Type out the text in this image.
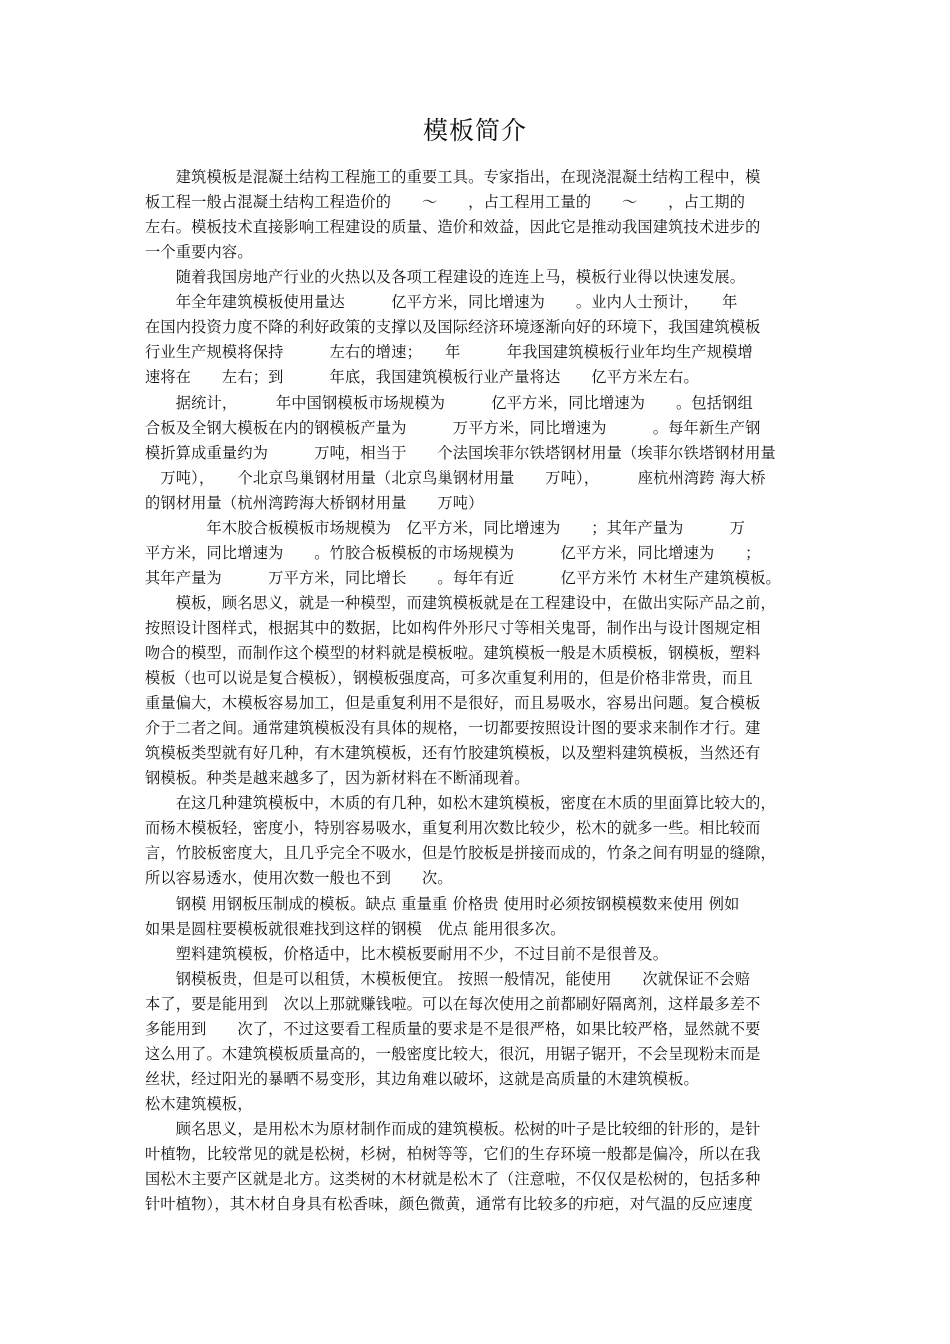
模板简介
　　建筑模板是混凝土结构工程施工的重要工具。专家指出，在现浇混凝土结构工程中，模
板工程一般占混凝土结构工程造价的　　～　　，占工程用工量的　　～　　，占工期的
左右。模板技术直接影响工程建设的质量、造价和效益，因此它是推动我国建筑技术进步的
一个重要内容。
　　随着我国房地产行业的火热以及各项工程建设的连连上马，模板行业得以快速发展。
　　年全年建筑模板使用量达　　　亿平方米，同比增速为　　。业内人士预计，　　年
在国内投资力度不降的利好政策的支撑以及国际经济环境逐渐向好的环境下，我国建筑模板
行业生产规模将保持　　　左右的增速；　　年　　　年我国建筑模板行业年均生产规模增
速将在　　左右；到　　　年底，我国建筑模板行业产量将达　　亿平方米左右。
　　据统计，　　　年中国钢模板市场规模为　　　亿平方米，同比增速为　　。包括钢组
合板及全钢大模板在内的钢模板产量为　　　万平方米，同比增速为　　　。每年新生产钢
模折算成重量约为　　　万吨，相当于　　个法国埃菲尔铁塔钢材用量（埃菲尔铁塔钢材用量
　万吨），　　个北京鸟巢钢材用量（北京鸟巢钢材用量　　万吨），　　　座杭州湾跨 海大桥
的钢材用量（杭州湾跨海大桥钢材用量　　万吨）
　　　　年木胶合板模板市场规模为　亿平方米，同比增速为　　；其年产量为　　　万
平方米，同比增速为　　。竹胶合板模板的市场规模为　　　亿平方米，同比增速为　　；
其年产量为　　　万平方米，同比增长　　。每年有近　　　亿平方米竹 木材生产建筑模板。
　　模板，顾名思义，就是一种模型，而建筑模板就是在工程建设中，在做出实际产品之前，
按照设计图样式，根据其中的数据，比如构件外形尺寸等相关鬼哥，制作出与设计图规定相
吻合的模型，而制作这个模型的材料就是模板啦。建筑模板一般是木质模板，钢模板，塑料
模板（也可以说是复合模板），钢模板强度高，可多次重复利用的，但是价格非常贵，而且
重量偏大，木模板容易加工，但是重复利用不是很好，而且易吸水，容易出问题。复合模板
介于二者之间。通常建筑模板没有具体的规格，一切都要按照设计图的要求来制作才行。建
筑模板类型就有好几种，有木建筑模板，还有竹胶建筑模板，以及塑料建筑模板，当然还有
钢模板。种类是越来越多了，因为新材料在不断涌现着。
　　在这几种建筑模板中，木质的有几种，如松木建筑模板，密度在木质的里面算比较大的，
而杨木模板轻，密度小，特别容易吸水，重复利用次数比较少，松木的就多一些。相比较而
言，竹胶板密度大，且几乎完全不吸水，但是竹胶板是拼接而成的，竹条之间有明显的缝隙，
所以容易透水，使用次数一般也不到　　次。
　　钢模 用钢板压制成的模板。缺点 重量重 价格贵 使用时必须按钢模模数来使用 例如
如果是圆柱要模板就很难找到这样的钢模　优点 能用很多次。
　　塑料建筑模板，价格适中，比木模板要耐用不少，不过目前不是很普及。
　　钢模板贵，但是可以租赁，木模板便宜。 按照一般情况，能使用　　次就保证不会赔
本了，要是能用到　次以上那就赚钱啦。可以在每次使用之前都刷好隔离剂，这样最多差不
多能用到　　次了，不过这要看工程质量的要求是不是很严格，如果比较严格，显然就不要
这么用了。木建筑模板质量高的，一般密度比较大，很沉，用锯子锯开，不会呈现粉末而是
丝状，经过阳光的暴晒不易变形，其边角难以破坏，这就是高质量的木建筑模板。
松木建筑模板，
　　顾名思义，是用松木为原材制作而成的建筑模板。松树的叶子是比较细的针形的，是针
叶植物，比较常见的就是松树，杉树，柏树等等，它们的生存环境一般都是偏冷，所以在我
国松木主要产区就是北方。这类树的木材就是松木了（注意啦，不仅仅是松树的，包括多种
针叶植物），其木材自身具有松香味，颜色微黄，通常有比较多的疖疤，对气温的反应速度
